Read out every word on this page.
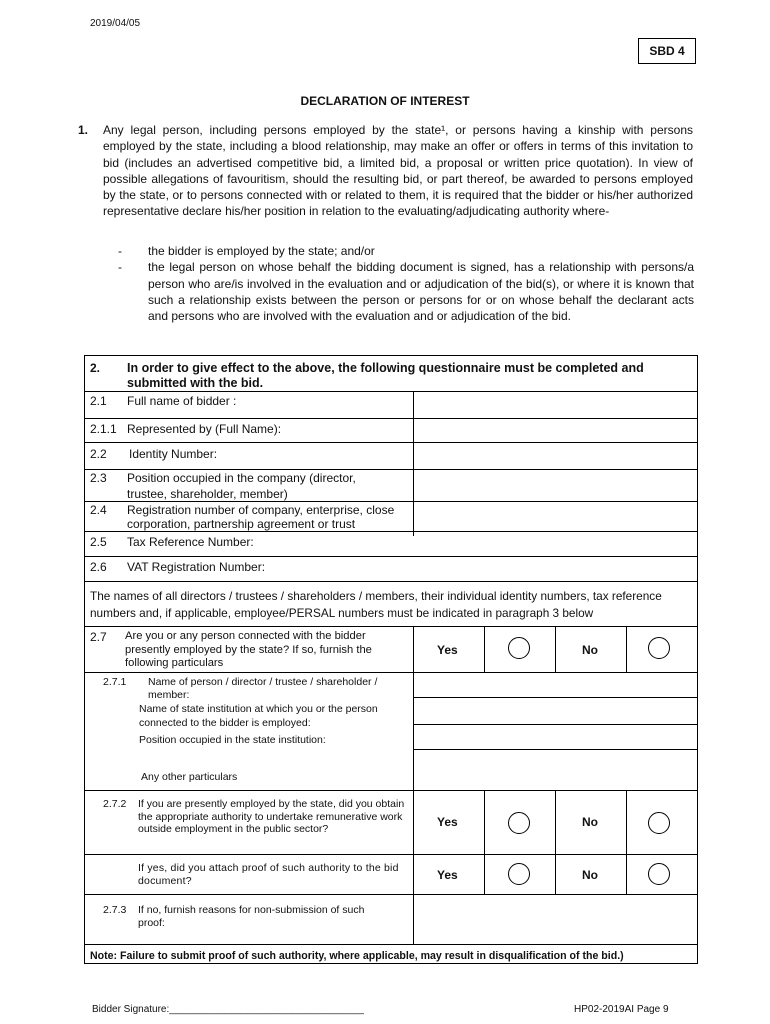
2019/04/05
SBD 4
DECLARATION OF INTEREST
1. Any legal person, including persons employed by the state¹, or persons having a kinship with persons employed by the state, including a blood relationship, may make an offer or offers in terms of this invitation to bid (includes an advertised competitive bid, a limited bid, a proposal or written price quotation). In view of possible allegations of favouritism, should the resulting bid, or part thereof, be awarded to persons employed by the state, or to persons connected with or related to them, it is required that the bidder or his/her authorized representative declare his/her position in relation to the evaluating/adjudicating authority where-
-	the bidder is employed by the state; and/or
-	the legal person on whose behalf the bidding document is signed, has a relationship with persons/a person who are/is involved in the evaluation and or adjudication of the bid(s), or where it is known that such a relationship exists between the person or persons for or on whose behalf the declarant acts and persons who are involved with the evaluation and or adjudication of the bid.
2. In order to give effect to the above, the following questionnaire must be completed and submitted with the bid.
2.1 Full name of bidder :
2.1.1 Represented by (Full Name):
2.2 Identity Number:
2.3 Position occupied in the company (director, trustee, shareholder, member)
2.4 Registration number of company, enterprise, close corporation, partnership agreement or trust
2.5 Tax Reference Number:
2.6 VAT Registration Number:
The names of all directors / trustees / shareholders / members, their individual identity numbers, tax reference numbers and, if applicable, employee/PERSAL numbers must be indicated in paragraph 3 below
2.7 Are you or any person connected with the bidder presently employed by the state? If so, furnish the following particulars
Yes	No
2.7.1 Name of person / director / trustee / shareholder / member:
Name of state institution at which you or the person connected to the bidder is employed:
Position occupied in the state institution:
Any other particulars
2.7.2 If you are presently employed by the state, did you obtain the appropriate authority to undertake remunerative work outside employment in the public sector?	Yes	No
If yes, did you attach proof of such authority to the bid document?	Yes	No
2.7.3 If no, furnish reasons for non-submission of such proof:
Note: Failure to submit proof of such authority, where applicable, may result in disqualification of the bid.)
Bidder Signature:___________________________________	HP02-2019AI Page 9
